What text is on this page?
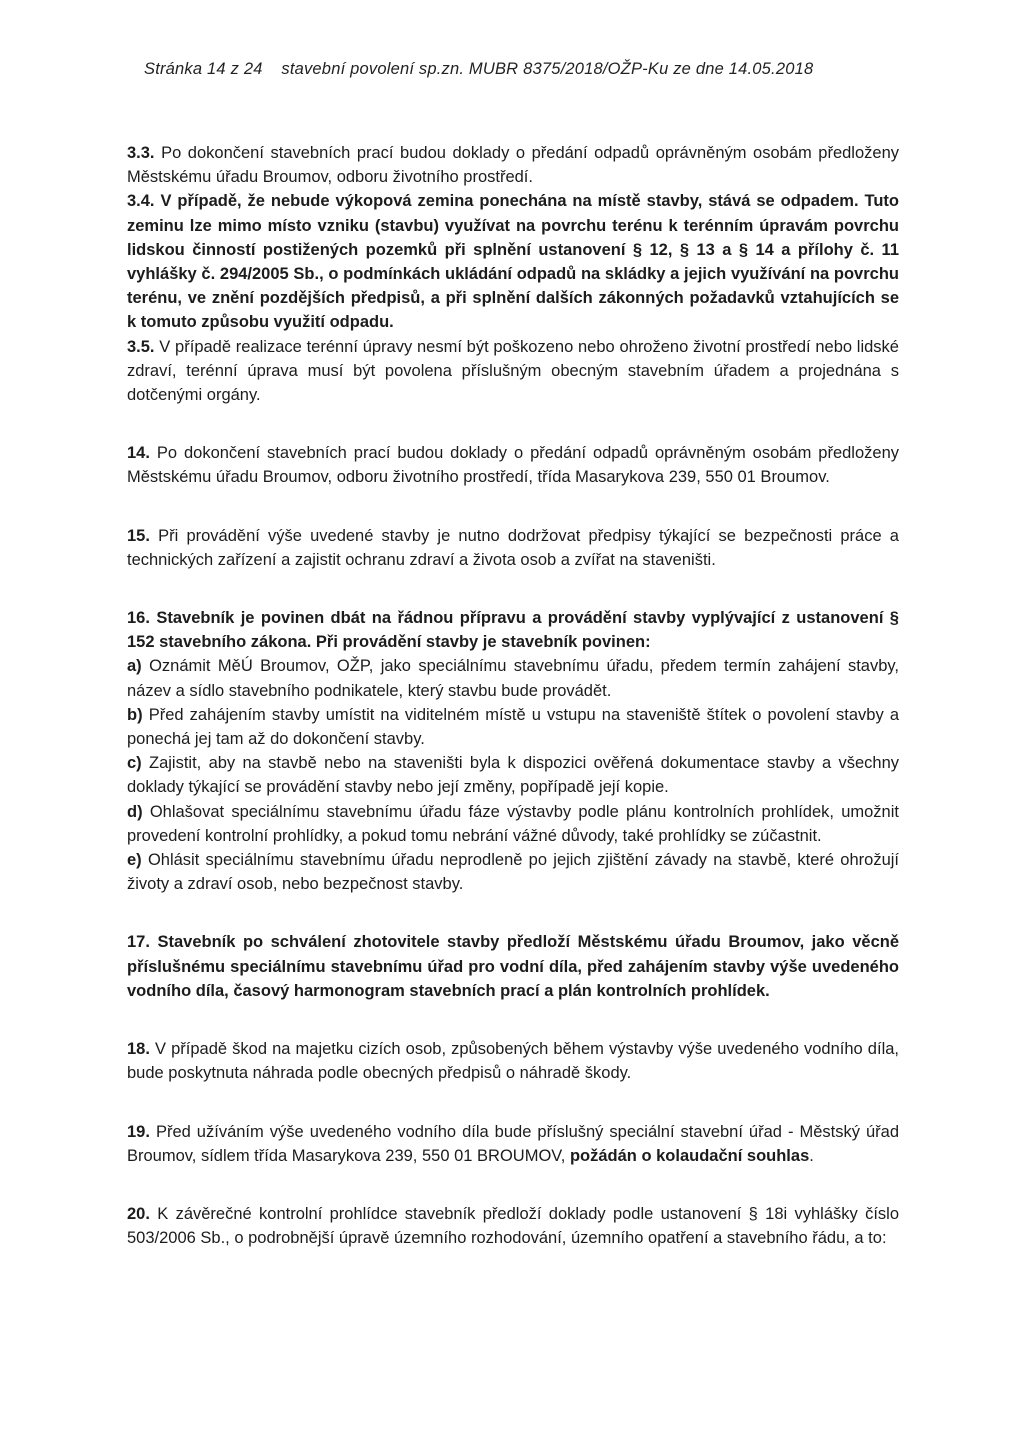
Stránka 14 z 24 stavební povolení sp.zn. MUBR 8375/2018/OŽP-Ku ze dne 14.05.2018

3.3. Po dokončení stavebních prací budou doklady o předání odpadů oprávněným osobám předloženy Městskému úřadu Broumov, odboru životního prostředí.

3.4. V případě, že nebude výkopová zemina ponechána na místě stavby, stává se odpadem. Tuto zeminu lze mimo místo vzniku (stavbu) využívat na povrchu terénu k terénním úpravám povrchu lidskou činností postižených pozemků při splnění ustanovení § 12, § 13 a § 14 a přílohy č. 11 vyhlášky č. 294/2005 Sb., o podmínkách ukládání odpadů na skládky a jejich využívání na povrchu terénu, ve znění pozdějších předpisů, a při splnění dalších zákonných požadavků vztahujících se k tomuto způsobu využití odpadu.

3.5. V případě realizace terénní úpravy nesmí být poškozeno nebo ohroženo životní prostředí nebo lidské zdraví, terénní úprava musí být povolena příslušným obecným stavebním úřadem a projednána s dotčenými orgány.

14. Po dokončení stavebních prací budou doklady o předání odpadů oprávněným osobám předloženy Městskému úřadu Broumov, odboru životního prostředí, třída Masarykova 239, 550 01 Broumov.

15. Při provádění výše uvedené stavby je nutno dodržovat předpisy týkající se bezpečnosti práce a technických zařízení a zajistit ochranu zdraví a života osob a zvířat na staveništi.

16. Stavebník je povinen dbát na řádnou přípravu a provádění stavby vyplývající z ustanovení § 152 stavebního zákona. Při provádění stavby je stavebník povinen:

a) Oznámit MěÚ Broumov, OŽP, jako speciálnímu stavebnímu úřadu, předem termín zahájení stavby, název a sídlo stavebního podnikatele, který stavbu bude provádět.

b) Před zahájením stavby umístit na viditelném místě u vstupu na staveniště štítek o povolení stavby a ponechá jej tam až do dokončení stavby.

c) Zajistit, aby na stavbě nebo na staveništi byla k dispozici ověřená dokumentace stavby a všechny doklady týkající se provádění stavby nebo její změny, popřípadě její kopie.

d) Ohlašovat speciálnímu stavebnímu úřadu fáze výstavby podle plánu kontrolních prohlídek, umožnit provedení kontrolní prohlídky, a pokud tomu nebrání vážné důvody, také prohlídky se zúčastnit.

e) Ohlásit speciálnímu stavebnímu úřadu neprodleně po jejich zjištění závady na stavbě, které ohrožují životy a zdraví osob, nebo bezpečnost stavby.

17. Stavebník po schválení zhotovitele stavby předloží Městskému úřadu Broumov, jako věcně příslušnému speciálnímu stavebnímu úřad pro vodní díla, před zahájením stavby výše uvedeného vodního díla, časový harmonogram stavebních prací a plán kontrolních prohlídek.

18. V případě škod na majetku cizích osob, způsobených během výstavby výše uvedeného vodního díla, bude poskytnuta náhrada podle obecných předpisů o náhradě škody.

19. Před užíváním výše uvedeného vodního díla bude příslušný speciální stavební úřad - Městský úřad Broumov, sídlem třída Masarykova 239, 550 01 BROUMOV, požádán o kolaudační souhlas.

20. K závěrečné kontrolní prohlídce stavebník předloží doklady podle ustanovení § 18i vyhlášky číslo 503/2006 Sb., o podrobnější úpravě územního rozhodování, územního opatření a stavebního řádu, a to:
